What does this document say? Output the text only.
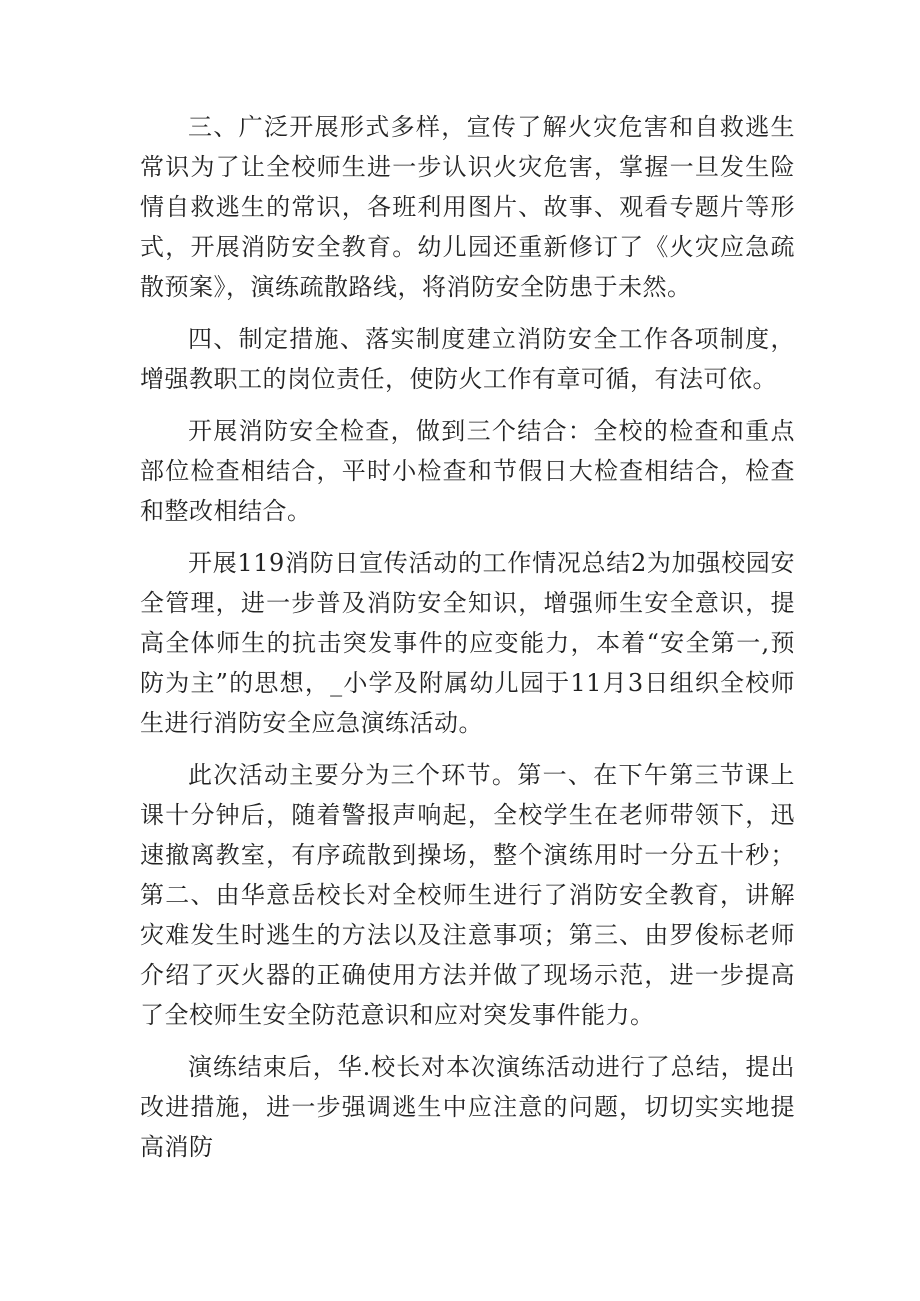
三、广泛开展形式多样，宣传了解火灾危害和自救逃生常识为了让全校师生进一步认识火灾危害，掌握一旦发生险情自救逃生的常识，各班利用图片、故事、观看专题片等形式，开展消防安全教育。幼儿园还重新修订了《火灾应急疏散预案》，演练疏散路线，将消防安全防患于未然。

四、制定措施、落实制度建立消防安全工作各项制度，增强教职工的岗位责任，使防火工作有章可循，有法可依。

开展消防安全检查，做到三个结合：全校的检查和重点部位检查相结合，平时小检查和节假日大检查相结合，检查和整改相结合。

开展119消防日宣传活动的工作情况总结2为加强校园安全管理，进一步普及消防安全知识，增强师生安全意识，提高全体师生的抗击突发事件的应变能力，本着“安全第一,预防为主”的思想，_小学及附属幼儿园于11月3日组织全校师生进行消防安全应急演练活动。

此次活动主要分为三个环节。第一、在下午第三节课上课十分钟后，随着警报声响起，全校学生在老师带领下，迅速撤离教室，有序疏散到操场，整个演练用时一分五十秒；第二、由华意岳校长对全校师生进行了消防安全教育，讲解灾难发生时逃生的方法以及注意事项；第三、由罗俊标老师介绍了灭火器的正确使用方法并做了现场示范，进一步提高了全校师生安全防范意识和应对突发事件能力。

演练结束后，华.校长对本次演练活动进行了总结，提出改进措施，进一步强调逃生中应注意的问题，切切实实地提高消防
